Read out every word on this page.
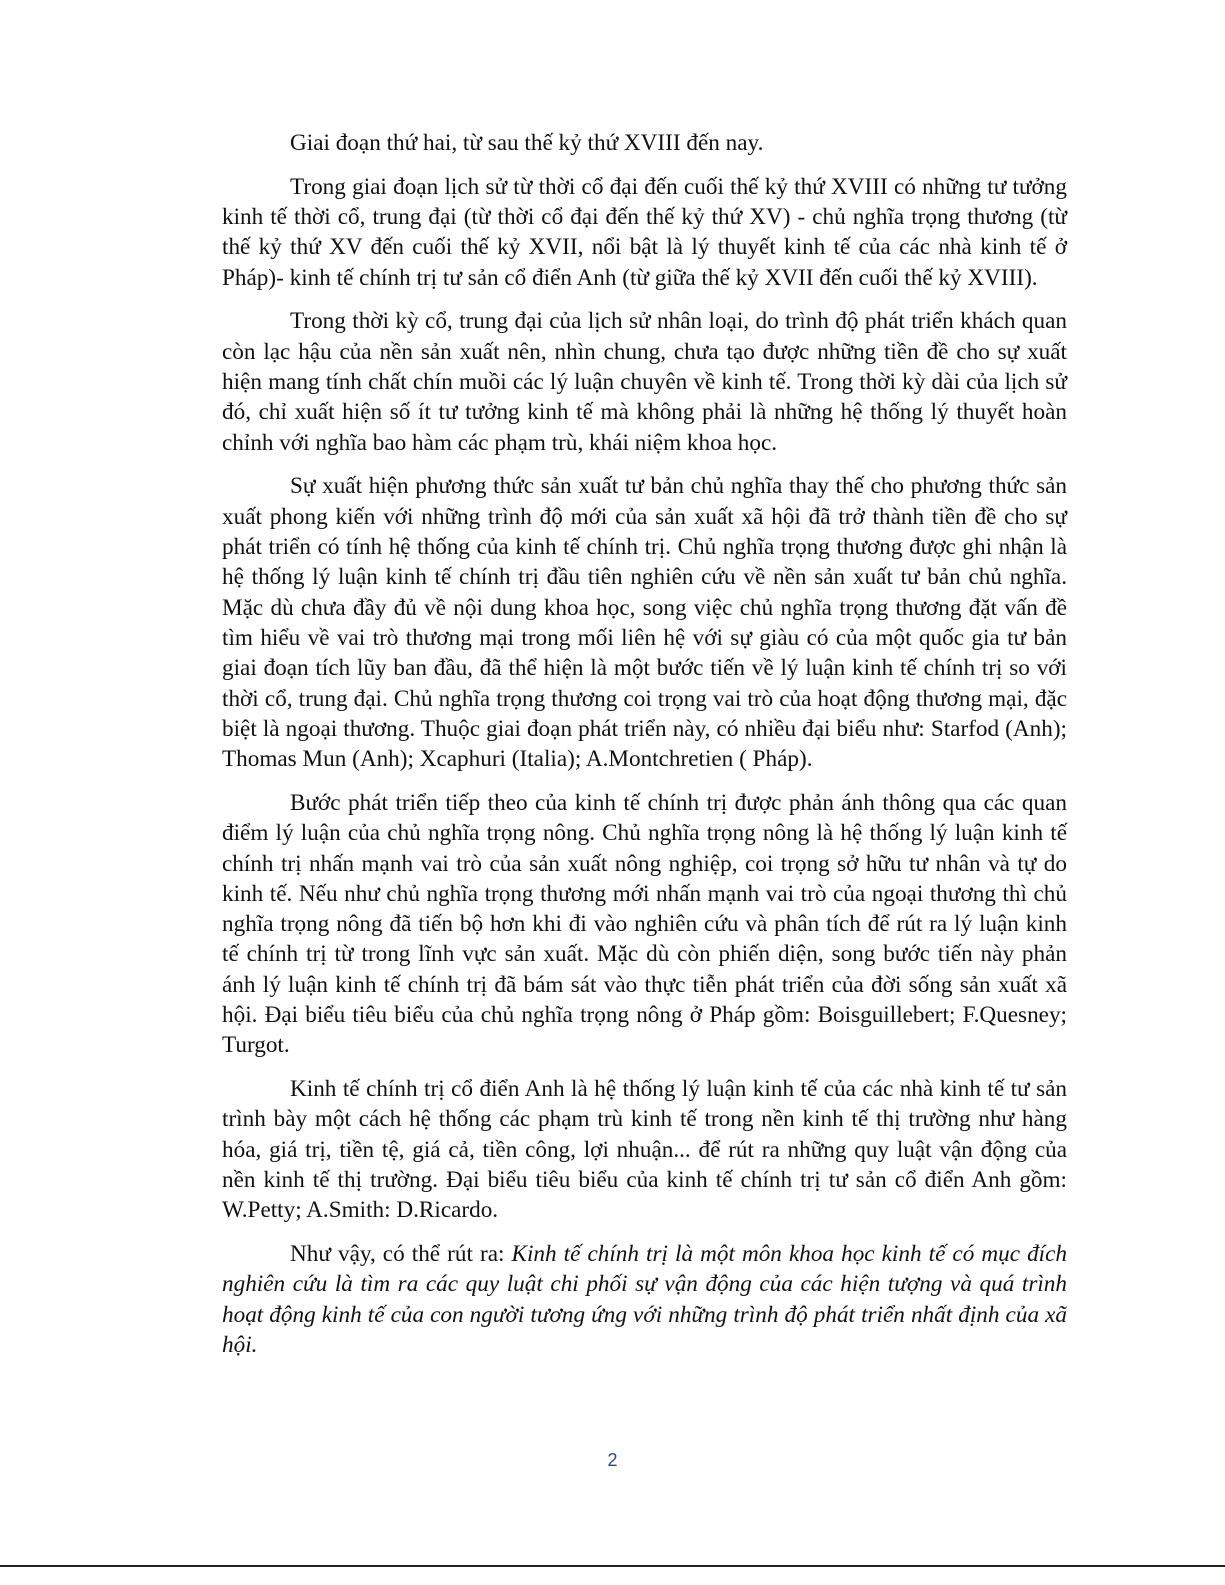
Giai đoạn thứ hai, từ sau thế kỷ thứ XVIII đến nay.

Trong giai đoạn lịch sử từ thời cổ đại đến cuối thế kỷ thứ XVIII có những tư tưởng kinh tế thời cổ, trung đại (từ thời cổ đại đến thế kỷ thứ XV) - chủ nghĩa trọng thương (từ thế kỷ thứ XV đến cuối thế kỷ XVII, nổi bật là lý thuyết kinh tế của các nhà kinh tế ở Pháp)- kinh tế chính trị tư sản cổ điển Anh (từ giữa thế kỷ XVII đến cuối thế kỷ XVIII).

Trong thời kỳ cổ, trung đại của lịch sử nhân loại, do trình độ phát triển khách quan còn lạc hậu của nền sản xuất nên, nhìn chung, chưa tạo được những tiền đề cho sự xuất hiện mang tính chất chín muồi các lý luận chuyên về kinh tế. Trong thời kỳ dài của lịch sử đó, chỉ xuất hiện số ít tư tưởng kinh tế mà không phải là những hệ thống lý thuyết hoàn chỉnh với nghĩa bao hàm các phạm trù, khái niệm khoa học.

Sự xuất hiện phương thức sản xuất tư bản chủ nghĩa thay thế cho phương thức sản xuất phong kiến với những trình độ mới của sản xuất xã hội đã trở thành tiền đề cho sự phát triển có tính hệ thống của kinh tế chính trị. Chủ nghĩa trọng thương được ghi nhận là hệ thống lý luận kinh tế chính trị đầu tiên nghiên cứu về nền sản xuất tư bản chủ nghĩa. Mặc dù chưa đầy đủ về nội dung khoa học, song việc chủ nghĩa trọng thương đặt vấn đề tìm hiểu về vai trò thương mại trong mối liên hệ với sự giàu có của một quốc gia tư bản giai đoạn tích lũy ban đầu, đã thể hiện là một bước tiến về lý luận kinh tế chính trị so với thời cổ, trung đại. Chủ nghĩa trọng thương coi trọng vai trò của hoạt động thương mại, đặc biệt là ngoại thương. Thuộc giai đoạn phát triển này, có nhiều đại biểu như: Starfod (Anh); Thomas Mun (Anh); Xcaphuri (Italia); A.Montchretien ( Pháp).

Bước phát triển tiếp theo của kinh tế chính trị được phản ánh thông qua các quan điểm lý luận của chủ nghĩa trọng nông. Chủ nghĩa trọng nông là hệ thống lý luận kinh tế chính trị nhấn mạnh vai trò của sản xuất nông nghiệp, coi trọng sở hữu tư nhân và tự do kinh tế. Nếu như chủ nghĩa trọng thương mới nhấn mạnh vai trò của ngoại thương thì chủ nghĩa trọng nông đã tiến bộ hơn khi đi vào nghiên cứu và phân tích để rút ra lý luận kinh tế chính trị từ trong lĩnh vực sản xuất. Mặc dù còn phiến diện, song bước tiến này phản ánh lý luận kinh tế chính trị đã bám sát vào thực tiễn phát triển của đời sống sản xuất xã hội. Đại biểu tiêu biểu của chủ nghĩa trọng nông ở Pháp gồm: Boisguillebert; F.Quesney; Turgot.

Kinh tế chính trị cổ điển Anh là hệ thống lý luận kinh tế của các nhà kinh tế tư sản trình bày một cách hệ thống các phạm trù kinh tế trong nền kinh tế thị trường như hàng hóa, giá trị, tiền tệ, giá cả, tiền công, lợi nhuận... để rút ra những quy luật vận động của nền kinh tế thị trường. Đại biểu tiêu biểu của kinh tế chính trị tư sản cổ điển Anh gồm: W.Petty; A.Smith: D.Ricardo.

Như vậy, có thể rút ra: Kinh tế chính trị là một môn khoa học kinh tế có mục đích nghiên cứu là tìm ra các quy luật chi phối sự vận động của các hiện tượng và quá trình hoạt động kinh tế của con người tương ứng với những trình độ phát triển nhất định của xã hội.

2
